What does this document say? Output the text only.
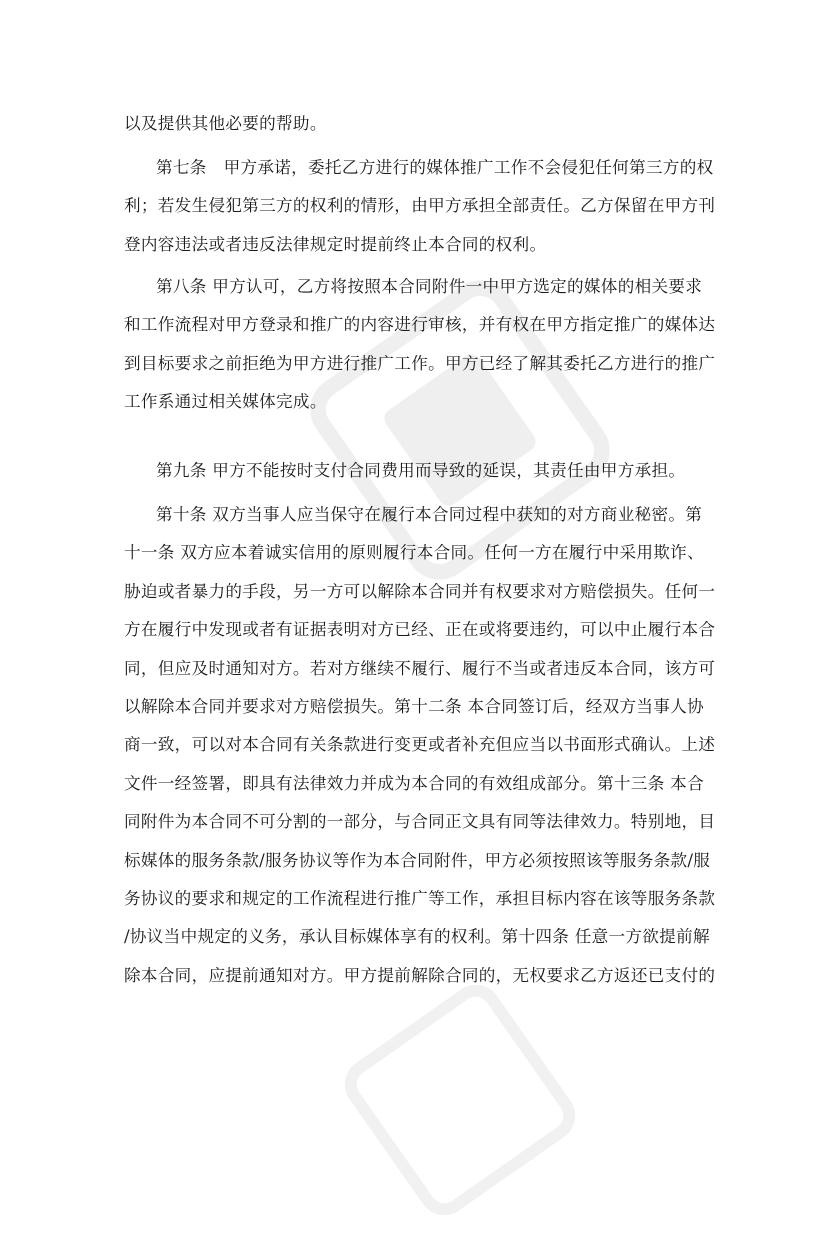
以及提供其他必要的帮助。
第七条　甲方承诺，委托乙方进行的媒体推广工作不会侵犯任何第三方的权
利；若发生侵犯第三方的权利的情形，由甲方承担全部责任。乙方保留在甲方刊
登内容违法或者违反法律规定时提前终止本合同的权利。
第八条 甲方认可，乙方将按照本合同附件一中甲方选定的媒体的相关要求
和工作流程对甲方登录和推广的内容进行审核，并有权在甲方指定推广的媒体达
到目标要求之前拒绝为甲方进行推广工作。甲方已经了解其委托乙方进行的推广
工作系通过相关媒体完成。
第九条 甲方不能按时支付合同费用而导致的延误，其责任由甲方承担。
第十条 双方当事人应当保守在履行本合同过程中获知的对方商业秘密。第
十一条 双方应本着诚实信用的原则履行本合同。任何一方在履行中采用欺诈、
胁迫或者暴力的手段，另一方可以解除本合同并有权要求对方赔偿损失。任何一
方在履行中发现或者有证据表明对方已经、正在或将要违约，可以中止履行本合
同，但应及时通知对方。若对方继续不履行、履行不当或者违反本合同，该方可
以解除本合同并要求对方赔偿损失。第十二条 本合同签订后，经双方当事人协
商一致，可以对本合同有关条款进行变更或者补充但应当以书面形式确认。上述
文件一经签署，即具有法律效力并成为本合同的有效组成部分。第十三条 本合
同附件为本合同不可分割的一部分，与合同正文具有同等法律效力。特别地，目
标媒体的服务条款/服务协议等作为本合同附件，甲方必须按照该等服务条款/服
务协议的要求和规定的工作流程进行推广等工作，承担目标内容在该等服务条款
/协议当中规定的义务，承认目标媒体享有的权利。第十四条 任意一方欲提前解
除本合同，应提前通知对方。甲方提前解除合同的，无权要求乙方返还已支付的
